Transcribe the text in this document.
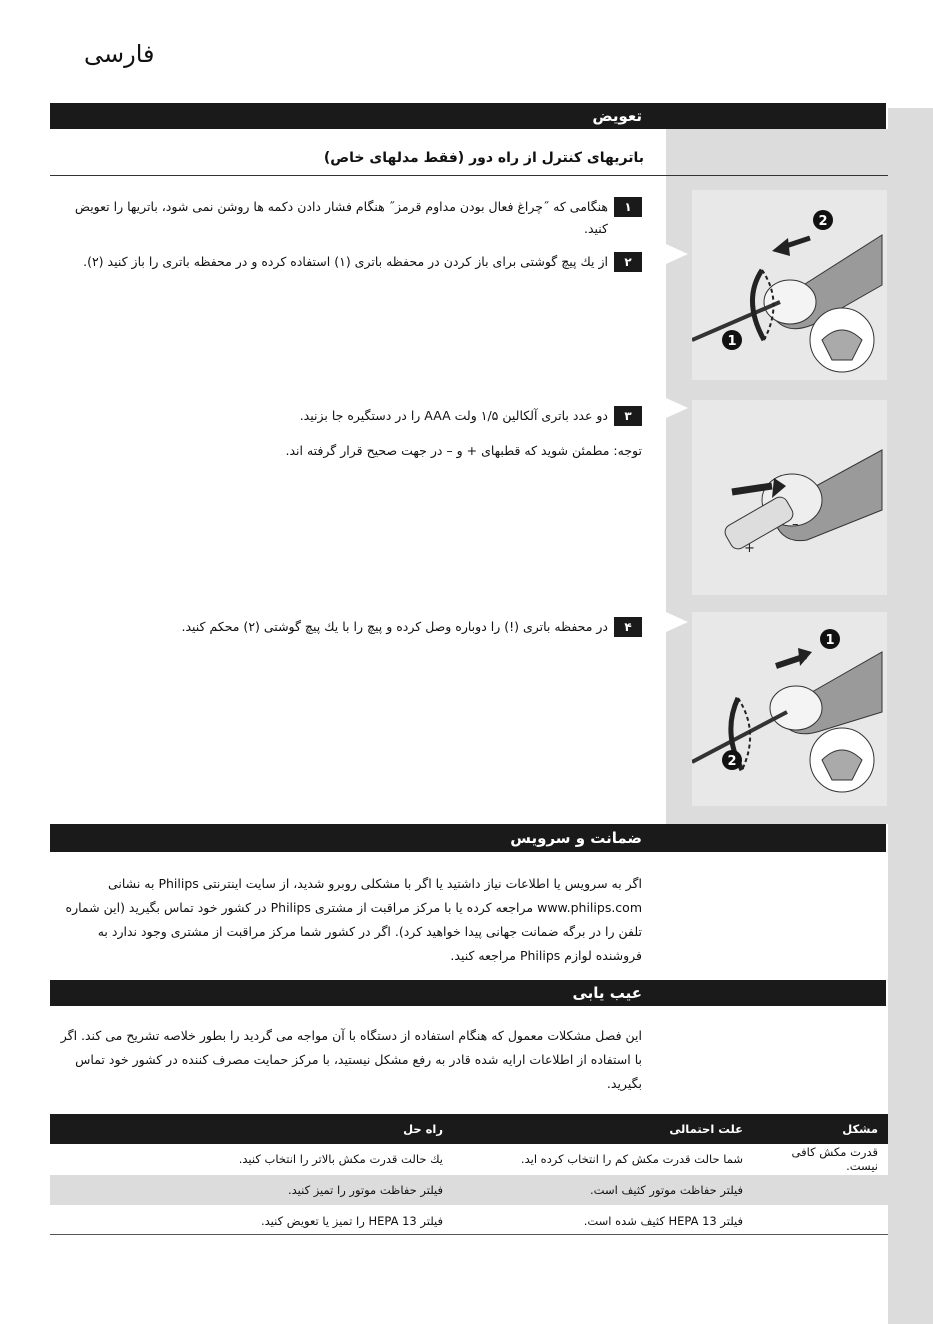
فارسی
تعویض
باتریهای کنترل از راه دور (فقط مدلهای خاص)
۱
هنگامی که ˝چراغ فعال بودن مداوم قرمز˝ هنگام فشار دادن دکمه ها روشن نمی شود، باتریها را تعویض کنید.
۲
از یك پیچ گوشتی برای باز کردن در محفظه باتری (۱) استفاده کرده و در محفظه باتری را باز کنید (۲).
۳
دو عدد باتری آلكالین ۱/۵ ولت AAA را در دستگیره جا بزنید.
توجه: مطمئن شوید که قطبهای + و – در جهت صحیح قرار گرفته اند.
۴
در محفظه باتری (!) را دوباره وصل کرده و پیچ را با یك پیچ گوشتی (۲) محکم کنید.
2
1
+
–
1
2
ضمانت و سرویس
اگر به سرویس یا اطلاعات نیاز داشتید یا اگر با مشکلی روبرو شدید، از سایت اینترنتی Philips به نشانی www.philips.com مراجعه کرده یا با مرکز مراقبت از مشتری Philips در کشور خود تماس بگیرید (این شماره تلفن را در برگه ضمانت جهانی پیدا خواهید کرد). اگر در کشور شما مرکز مراقبت از مشتری وجود ندارد به فروشنده لوازم Philips مراجعه کنید.
عیب یابی
این فصل مشکلات معمول که هنگام استفاده از دستگاه با آن مواجه می گردید را بطور خلاصه تشریح می کند. اگر با استفاده از اطلاعات ارایه شده قادر به رفع مشکل نیستید، با مرکز حمایت مصرف کننده در کشور خود تماس بگیرید.
مشکل	علت احتمالی	راه حل
قدرت مکش کافی نیست.	شما حالت قدرت مکش کم را انتخاب کرده اید.	یك حالت قدرت مکش بالاتر را انتخاب کنید.
	فیلتر حفاظت موتور کثیف است.	فیلتر حفاظت موتور را تمیز کنید.
	فیلتر HEPA 13 کثیف شده است.	فیلتر HEPA 13 را تمیز یا تعویض کنید.
